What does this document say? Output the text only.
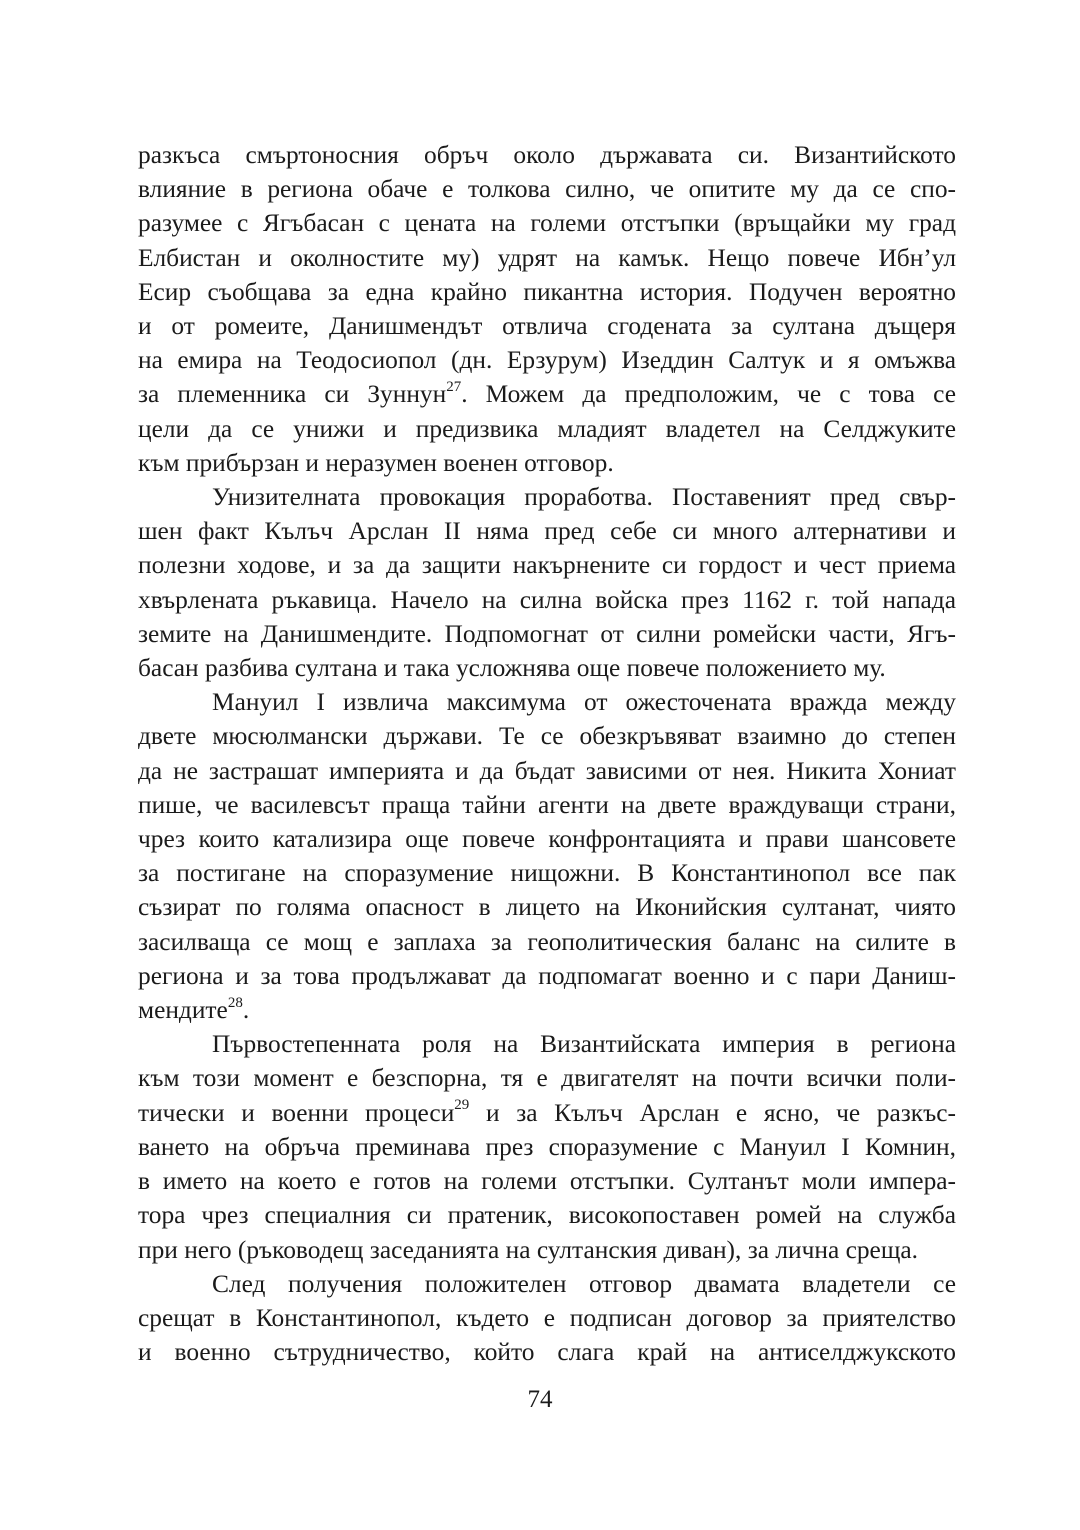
разкъса смъртоносния обръч около държавата си. Византийското
влияние в региона обаче е толкова силно, че опитите му да се спо-
разумее с Ягъбасан с цената на големи отстъпки (връщайки му град
Елбистан и околностите му) удрят на камък. Нещо повече Ибн’ул
Есир съобщава за една крайно пикантна история. Подучен вероятно
и от ромеите, Данишмендът отвлича сгодената за султана дъщеря
на емира на Теодосиопол (дн. Ерзурум) Изеддин Салтук и я омъжва
за племенника си Зуннун$^{27}$. Можем да предположим, че с това се
цели да се унижи и предизвика младият владетел на Селджуките
към прибързан и неразумен военен отговор.
Унизителната провокация проработва. Поставеният пред свър-
шен факт Кълъч Арслан II няма пред себе си много алтернативи и
полезни ходове, и за да защити накърнените си гордост и чест приема
хвърлената ръкавица. Начело на силна войска през 1162 г. той напада
земите на Данишмендите. Подпомогнат от силни ромейски части, Ягъ-
басан разбива султана и така усложнява още повече положението му.
Мануил I извлича максимума от ожесточената вражда между
двете мюсюлмански държави. Те се обезкръвяват взаимно до степен
да не застрашат империята и да бъдат зависими от нея. Никита Хониат
пише, че василевсът праща тайни агенти на двете враждуващи страни,
чрез които катализира още повече конфронтацията и прави шансовете
за постигане на споразумение нищожни. В Константинопол все пак
съзират по голяма опасност в лицето на Иконийския султанат, чиято
засилваща се мощ е заплаха за геополитическия баланс на силите в
региона и за това продължават да подпомагат военно и с пари Даниш-
мендите$^{28}$.
Първостепенната роля на Византийската империя в региона
към този момент е безспорна, тя е двигателят на почти всички поли-
тически и военни процеси$^{29}$ и за Кълъч Арслан е ясно, че разкъс-
ването на обръча преминава през споразумение с Мануил I Комнин,
в името на което е готов на големи отстъпки. Султанът моли импера-
тора чрез специалния си пратеник, високопоставен ромей на служба
при него (ръководещ заседанията на султанския диван), за лична среща.
След получения положителен отговор двамата владетели се
срещат в Константинопол, където е подписан договор за приятелство
и военно сътрудничество, който слага край на антиселджукското
74
